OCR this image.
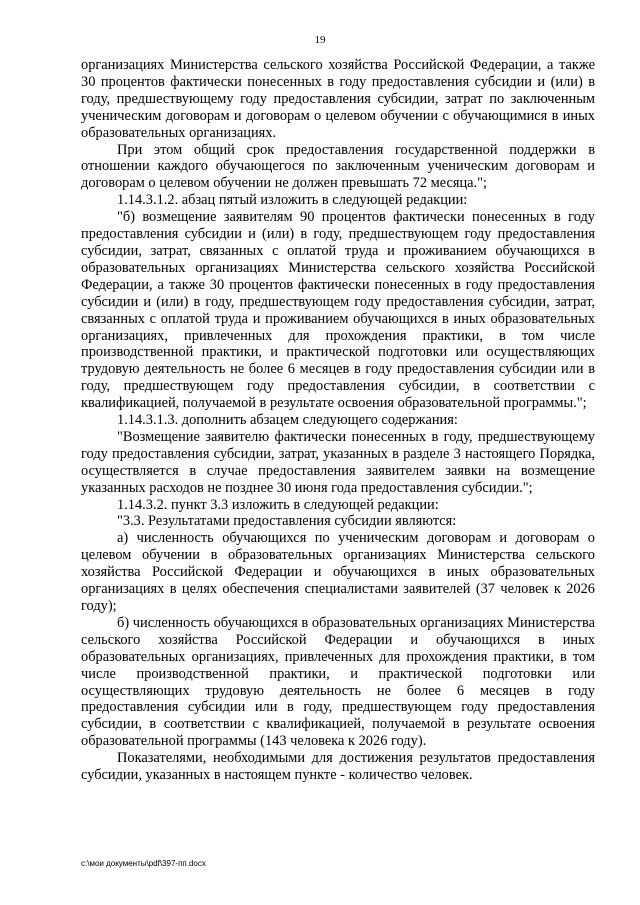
19

организациях Министерства сельского хозяйства Российской Федерации, а также 30 процентов фактически понесенных в году предоставления субсидии и (или) в году, предшествующему году предоставления субсидии, затрат по заключенным ученическим договорам и договорам о целевом обучении с обучающимися в иных образовательных организациях.

При этом общий срок предоставления государственной поддержки в отношении каждого обучающегося по заключенным ученическим договорам и договорам о целевом обучении не должен превышать 72 месяца.";

1.14.3.1.2. абзац пятый изложить в следующей редакции:

"б) возмещение заявителям 90 процентов фактически понесенных в году предоставления субсидии и (или) в году, предшествующем году предоставления субсидии, затрат, связанных с оплатой труда и проживанием обучающихся в образовательных организациях Министерства сельского хозяйства Российской Федерации, а также 30 процентов фактически понесенных в году предоставления субсидии и (или) в году, предшествующем году предоставления субсидии, затрат, связанных с оплатой труда и проживанием обучающихся в иных образовательных организациях, привлеченных для прохождения практики, в том числе производственной практики, и практической подготовки или осуществляющих трудовую деятельность не более 6 месяцев в году предоставления субсидии или в году, предшествующем году предоставления субсидии, в соответствии с квалификацией, получаемой в результате освоения образовательной программы.";

1.14.3.1.3. дополнить абзацем следующего содержания:

"Возмещение заявителю фактически понесенных в году, предшествующему году предоставления субсидии, затрат, указанных в разделе 3 настоящего Порядка, осуществляется в случае предоставления заявителем заявки на возмещение указанных расходов не позднее 30 июня года предоставления субсидии.";

1.14.3.2. пункт 3.3 изложить в следующей редакции:

"3.3. Результатами предоставления субсидии являются:

а) численность обучающихся по ученическим договорам и договорам о целевом обучении в образовательных организациях Министерства сельского хозяйства Российской Федерации и обучающихся в иных образовательных организациях в целях обеспечения специалистами заявителей (37 человек к 2026 году);

б) численность обучающихся в образовательных организациях Министерства сельского хозяйства Российской Федерации и обучающихся в иных образовательных организациях, привлеченных для прохождения практики, в том числе производственной практики, и практической подготовки или осуществляющих трудовую деятельность не более 6 месяцев в году предоставления субсидии или в году, предшествующем году предоставления субсидии, в соответствии с квалификацией, получаемой в результате освоения образовательной программы (143 человека к 2026 году).

Показателями, необходимыми для достижения результатов предоставления субсидии, указанных в настоящем пункте - количество человек.

c:\мои документы\pdf\397-пп.docx
